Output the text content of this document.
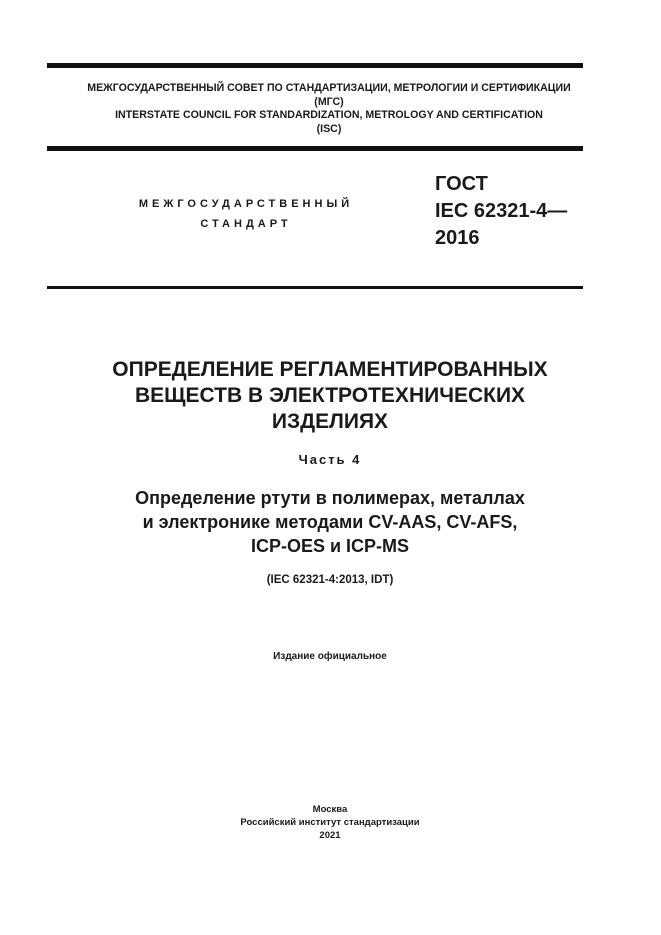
МЕЖГОСУДАРСТВЕННЫЙ СОВЕТ ПО СТАНДАРТИЗАЦИИ, МЕТРОЛОГИИ И СЕРТИФИКАЦИИ
(МГС)
INTERSTATE COUNCIL FOR STANDARDIZATION, METROLOGY AND CERTIFICATION
(ISC)
МЕЖГОСУДАРСТВЕННЫЙ
СТАНДАРТ
ГОСТ
IEC 62321-4—
2016
ОПРЕДЕЛЕНИЕ РЕГЛАМЕНТИРОВАННЫХ
ВЕЩЕСТВ В ЭЛЕКТРОТЕХНИЧЕСКИХ
ИЗДЕЛИЯХ
Часть 4
Определение ртути в полимерах, металлах
и электронике методами CV-AAS, CV-AFS,
ICP-OES и ICP-MS
(IEC 62321-4:2013, IDT)
Издание официальное
Москва
Российский институт стандартизации
2021
